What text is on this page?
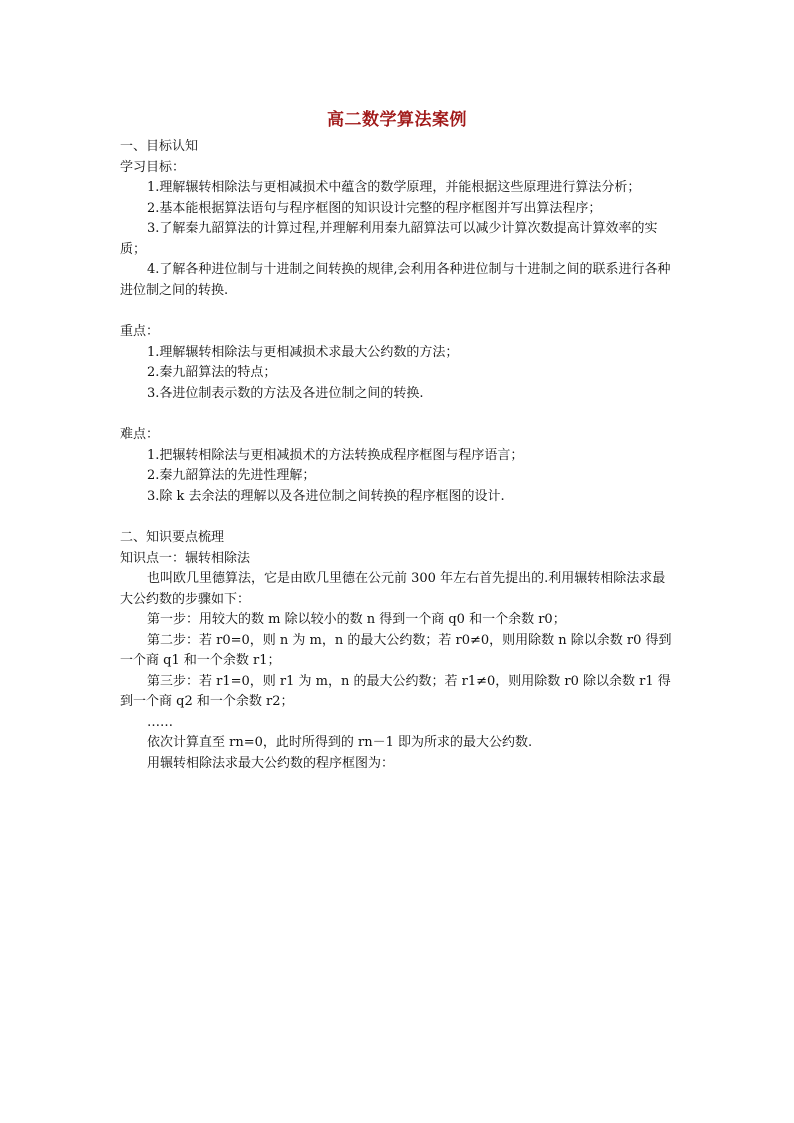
高二数学算法案例

一、目标认知

学习目标：

1.理解辗转相除法与更相减损术中蕴含的数学原理，并能根据这些原理进行算法分析；

2.基本能根据算法语句与程序框图的知识设计完整的程序框图并写出算法程序；

3.了解秦九韶算法的计算过程,并理解利用秦九韶算法可以减少计算次数提高计算效率的实质；

4.了解各种进位制与十进制之间转换的规律,会利用各种进位制与十进制之间的联系进行各种进位制之间的转换.

重点：

1.理解辗转相除法与更相减损术求最大公约数的方法；

2.秦九韶算法的特点；

3.各进位制表示数的方法及各进位制之间的转换.

难点：

1.把辗转相除法与更相减损术的方法转换成程序框图与程序语言；

2.秦九韶算法的先进性理解；

3.除 k 去余法的理解以及各进位制之间转换的程序框图的设计.

二、知识要点梳理

知识点一：辗转相除法

也叫欧几里德算法，它是由欧几里德在公元前 300 年左右首先提出的.利用辗转相除法求最大公约数的步骤如下：

第一步：用较大的数 m 除以较小的数 n 得到一个商 q0 和一个余数 r0；

第二步：若 r0=0，则 n 为 m，n 的最大公约数；若 r0≠0，则用除数 n 除以余数 r0 得到一个商 q1 和一个余数 r1；

第三步：若 r1=0，则 r1 为 m，n 的最大公约数；若 r1≠0，则用除数 r0 除以余数 r1 得到一个商 q2 和一个余数 r2；

……

依次计算直至 rn=0，此时所得到的 rn－1 即为所求的最大公约数.

用辗转相除法求最大公约数的程序框图为：
